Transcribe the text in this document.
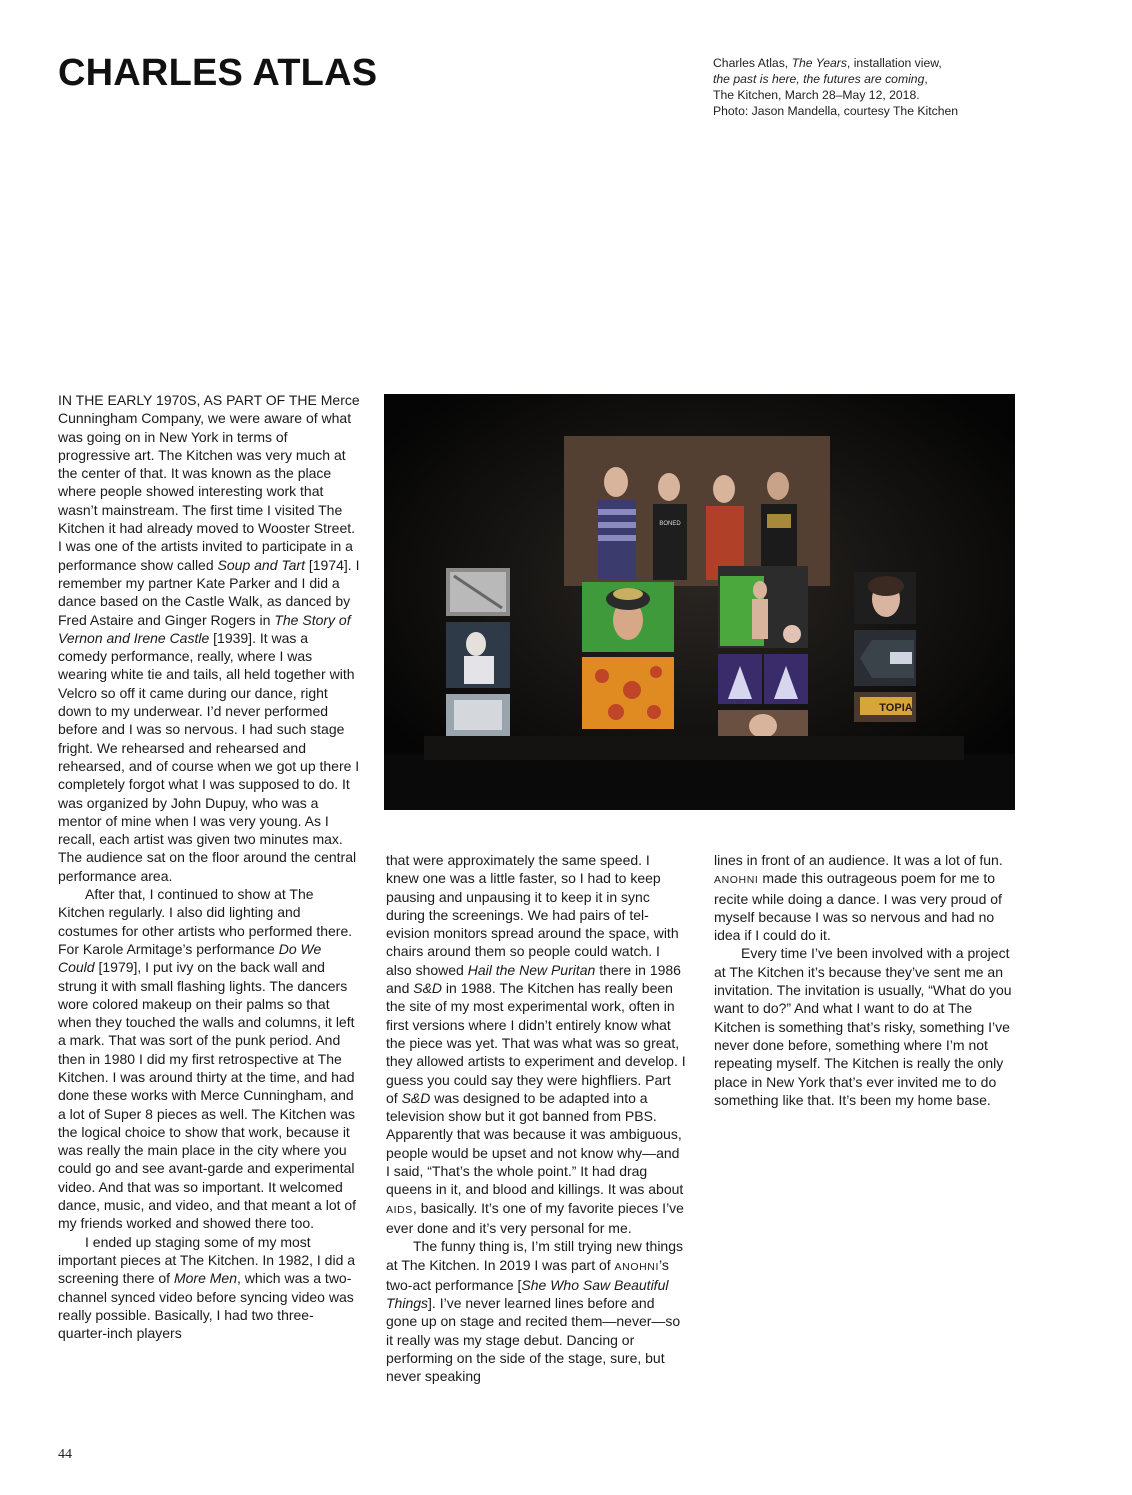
CHARLES ATLAS	Charles Atlas, The Years, installation view,
the past is here, the futures are coming,
The Kitchen, March 28–May 12, 2018.
Photo: Jason Mandella, courtesy The Kitchen
BONED
TOPIA

IN THE EARLY 1970S, AS PART OF THE Merce Cunningham Company, we were aware of what was going on in New York in terms of progressive art. The Kitchen was very much at the center of that. It was known as the place where people showed interesting work that wasn’t mainstream. The first time I visited The Kitchen it had already moved to Wooster Street. I was one of the artists invited to participate in a performance show called Soup and Tart [1974]. I remember my partner Kate Parker and I did a dance based on the Castle Walk, as danced by Fred Astaire and Ginger Rogers in The Story of Vernon and Irene Castle [1939]. It was a comedy performance, really, where I was wearing white tie and tails, all held together with Velcro so off it came during our dance, right down to my underwear. I’d never performed before and I was so nervous. I had such stage fright. We rehearsed and rehearsed and rehearsed, and of course when we got up there I completely forgot what I was supposed to do. It was organized by John Dupuy, who was a mentor of mine when I was very young. As I recall, each artist was given two minutes max. The audience sat on the floor around the central performance area.

After that, I continued to show at The Kitchen regularly. I also did lighting and costumes for other artists who performed there. For Karole Armitage’s performance Do We Could [1979], I put ivy on the back wall and strung it with small flashing lights. The dancers wore colored makeup on their palms so that when they touched the walls and columns, it left a mark. That was sort of the punk period. And then in 1980 I did my first retrospective at The Kitchen. I was around thirty at the time, and had done these works with Merce Cunningham, and a lot of Super 8 pieces as well. The Kitchen was the logical choice to show that work, because it was really the main place in the city where you could go and see avant-garde and experimental video. And that was so important. It welcomed dance, music, and video, and that meant a lot of my friends worked and showed there too.

I ended up staging some of my most important pieces at The Kitchen. In 1982, I did a screening there of More Men, which was a two-channel synced video before syncing video was really possible. Basically, I had two three-quarter-inch players

that were approximately the same speed. I knew one was a little faster, so I had to keep pausing and unpausing it to keep it in sync during the screenings. We had pairs of television monitors spread around the space, with chairs around them so people could watch. I also showed Hail the New Puritan there in 1986 and S&D in 1988. The Kitchen has really been the site of my most experimental work, often in first versions where I didn’t entirely know what the piece was yet. That was what was so great, they allowed artists to experiment and develop. I guess you could say they were highfliers. Part of S&D was designed to be adapted into a television show but it got banned from PBS. Apparently that was because it was ambiguous, people would be upset and not know why—and I said, “That’s the whole point.” It had drag queens in it, and blood and killings. It was about AIDS, basically. It’s one of my favorite pieces I’ve ever done and it’s very personal for me.

The funny thing is, I’m still trying new things at The Kitchen. In 2019 I was part of ANOHNI’s two-act performance [She Who Saw Beautiful Things]. I’ve never learned lines before and gone up on stage and recited them—never—so it really was my stage debut. Dancing or performing on the side of the stage, sure, but never speaking

lines in front of an audience. It was a lot of fun. ANOHNI made this outrageous poem for me to recite while doing a dance. I was very proud of myself because I was so nervous and had no idea if I could do it.

Every time I’ve been involved with a project at The Kitchen it’s because they’ve sent me an invitation. The invitation is usually, “What do you want to do?” And what I want to do at The Kitchen is something that’s risky, something I’ve never done before, something where I’m not repeating myself. The Kitchen is really the only place in New York that’s ever invited me to do something like that. It’s been my home base.

44
